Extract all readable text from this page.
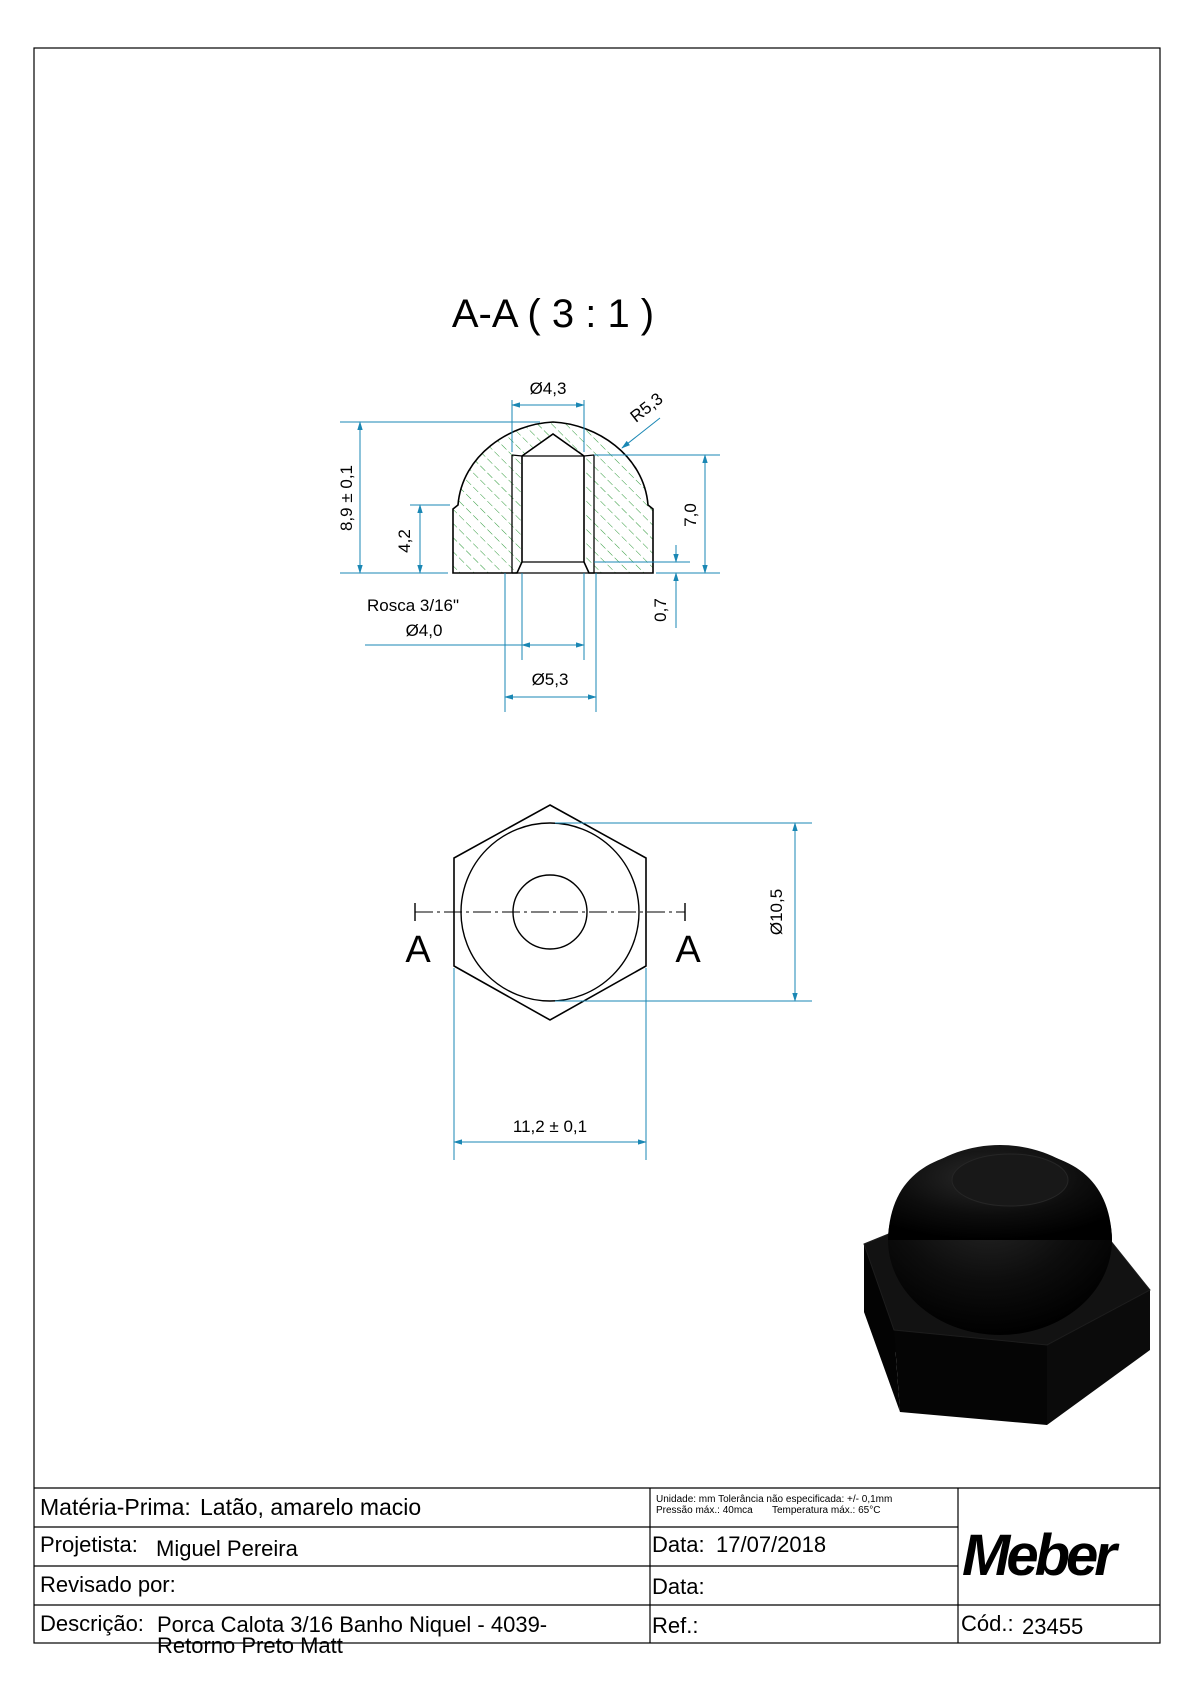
A-A ( 3 : 1 )
Ø4,3
R5,3
8,9 ± 0,1
4,2
7,0
0,7
Rosca 3/16"
Ø4,0
Ø5,3
A	A
Ø10,5
11,2 ± 0,1
Matéria-Prima: Latão, amarelo macio
Projetista: Miguel Pereira
Revisado por:
Descrição: Porca Calota 3/16 Banho Niquel - 4039-
Retorno Preto Matt
Unidade: mm Tolerância não especificada: +/- 0,1mm
Pressão máx.: 40mca       Temperatura máx.: 65°C
Data: 17/07/2018
Data:
Ref.:	Cód.: 23455
Meber
